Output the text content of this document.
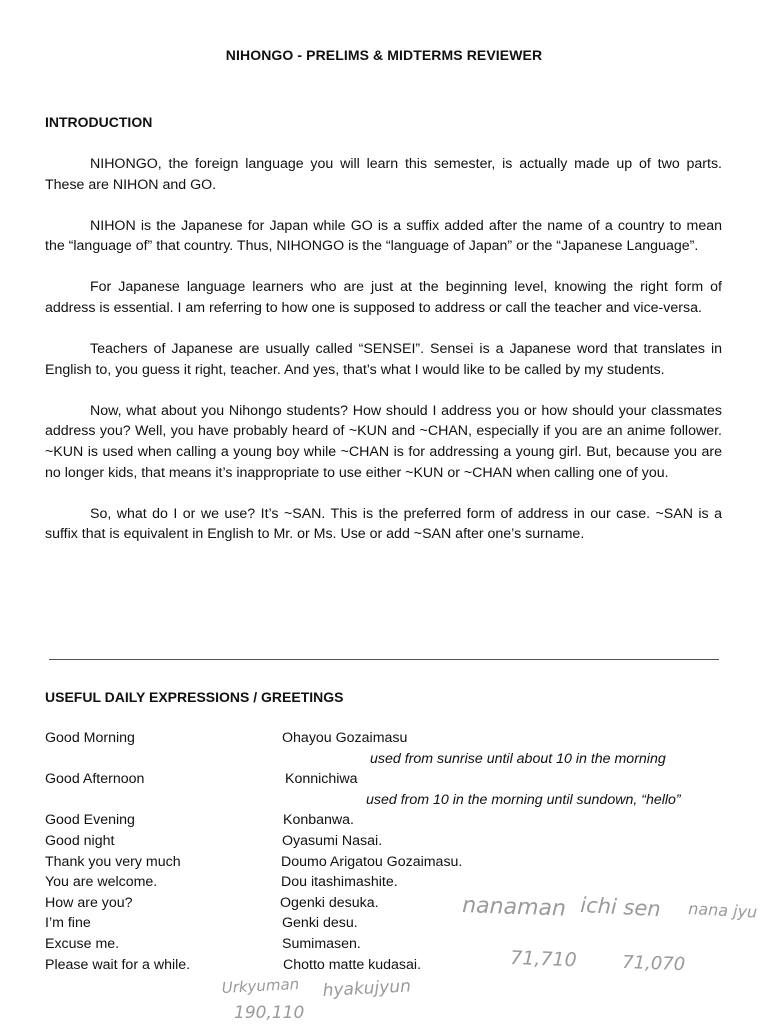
NIHONGO - PRELIMS & MIDTERMS REVIEWER
INTRODUCTION

NIHONGO, the foreign language you will learn this semester, is actually made up of two parts. These are NIHON and GO.

NIHON is the Japanese for Japan while GO is a suffix added after the name of a country to mean the “language of” that country. Thus, NIHONGO is the “language of Japan” or the “Japanese Language”.

For Japanese language learners who are just at the beginning level, knowing the right form of address is essential. I am referring to how one is supposed to address or call the teacher and vice-versa.

Teachers of Japanese are usually called “SENSEI”. Sensei is a Japanese word that translates in English to, you guess it right, teacher. And yes, that’s what I would like to be called by my students.

Now, what about you Nihongo students? How should I address you or how should your classmates address you? Well, you have probably heard of ~KUN and ~CHAN, especially if you are an anime follower. ~KUN is used when calling a young boy while ~CHAN is for addressing a young girl. But, because you are no longer kids, that means it’s inappropriate to use either ~KUN or ~CHAN when calling one of you.

So, what do I or we use? It’s ~SAN. This is the preferred form of address in our case. ~SAN is a suffix that is equivalent in English to Mr. or Ms. Use or add ~SAN after one’s surname.

USEFUL DAILY EXPRESSIONS / GREETINGS
Good Morning	Ohayou Gozaimasu
used from sunrise until about 10 in the morning
Good Afternoon	Konnichiwa
used from 10 in the morning until sundown, “hello”
Good Evening	Konbanwa.
Good night	Oyasumi Nasai.
Thank you very much	Doumo Arigatou Gozaimasu.
You are welcome.	Dou itashimashite.
How are you?	Ogenki desuka.
I’m fine	Genki desu.
Excuse me.	Sumimasen.
Please wait for a while.	Chotto matte kudasai.
nanaman ichi sen nana jyu
71,710 71,070
Urkyuman hyakujyun
190,110
